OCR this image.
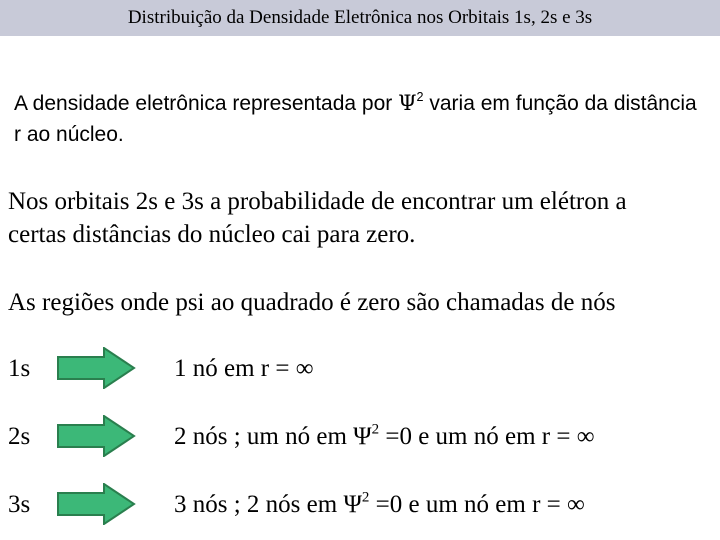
Distribuição da Densidade Eletrônica nos Orbitais 1s, 2s e 3s

A densidade eletrônica representada por $\Psi^2$ varia em função da distância

r ao núcleo.

Nos orbitais 2s e 3s a probabilidade de encontrar um elétron a

certas distâncias do núcleo cai para zero.

As regiões onde psi ao quadrado é zero são chamadas de nós

1s	1 nó em r = ∞
2s	2 nós ; um nó em $\Psi^2 =0$ e um nó em r = ∞
3s	3 nós ; 2 nós em $\Psi^2 =0$ e um nó em r = ∞
